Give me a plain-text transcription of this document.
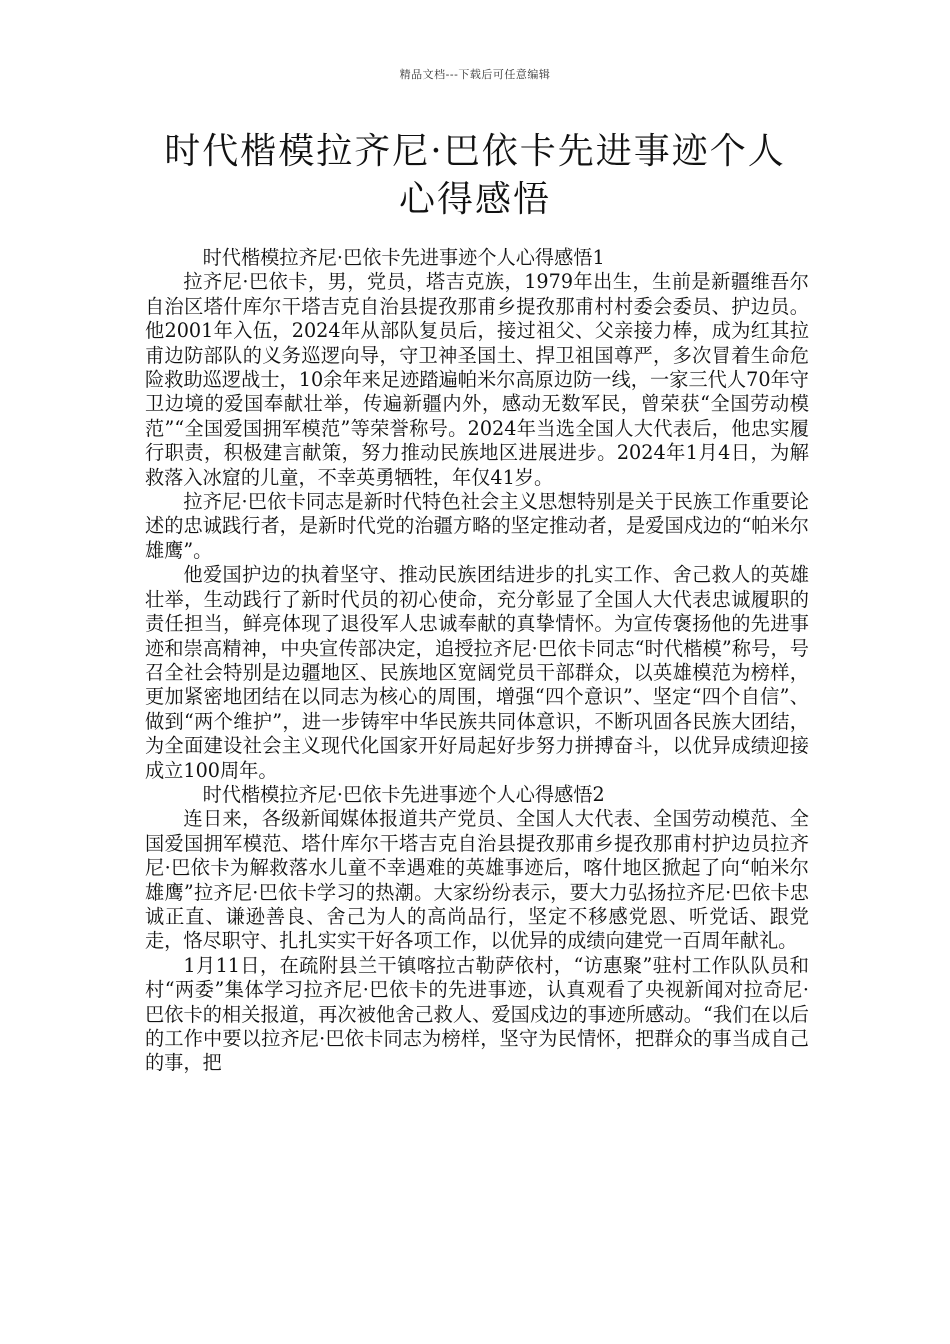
精品文档---下载后可任意编辑
时代楷模拉齐尼·巴依卡先进事迹个人心得感悟

时代楷模拉齐尼·巴依卡先进事迹个人心得感悟1

拉齐尼·巴依卡，男，党员，塔吉克族，1979年出生，生前是新疆维吾尔自治区塔什库尔干塔吉克自治县提孜那甫乡提孜那甫村村委会委员、护边员。他2001年入伍，2024年从部队复员后，接过祖父、父亲接力棒，成为红其拉甫边防部队的义务巡逻向导，守卫神圣国土、捍卫祖国尊严，多次冒着生命危险救助巡逻战士，10余年来足迹踏遍帕米尔高原边防一线，一家三代人70年守卫边境的爱国奉献壮举，传遍新疆内外，感动无数军民，曾荣获“全国劳动模范”“全国爱国拥军模范”等荣誉称号。2024年当选全国人大代表后，他忠实履行职责，积极建言献策，努力推动民族地区进展进步。2024年1月4日，为解救落入冰窟的儿童，不幸英勇牺牲，年仅41岁。

拉齐尼·巴依卡同志是新时代特色社会主义思想特别是关于民族工作重要论述的忠诚践行者，是新时代党的治疆方略的坚定推动者，是爱国戍边的“帕米尔雄鹰”。

他爱国护边的执着坚守、推动民族团结进步的扎实工作、舍己救人的英雄壮举，生动践行了新时代员的初心使命，充分彰显了全国人大代表忠诚履职的责任担当，鲜亮体现了退役军人忠诚奉献的真挚情怀。为宣传褒扬他的先进事迹和崇高精神，中央宣传部决定，追授拉齐尼·巴依卡同志“时代楷模”称号，号召全社会特别是边疆地区、民族地区宽阔党员干部群众，以英雄模范为榜样，更加紧密地团结在以同志为核心的周围，增强“四个意识”、坚定“四个自信”、做到“两个维护”，进一步铸牢中华民族共同体意识，不断巩固各民族大团结，为全面建设社会主义现代化国家开好局起好步努力拼搏奋斗，以优异成绩迎接成立100周年。

时代楷模拉齐尼·巴依卡先进事迹个人心得感悟2

连日来，各级新闻媒体报道共产党员、全国人大代表、全国劳动模范、全国爱国拥军模范、塔什库尔干塔吉克自治县提孜那甫乡提孜那甫村护边员拉齐尼·巴依卡为解救落水儿童不幸遇难的英雄事迹后，喀什地区掀起了向“帕米尔雄鹰”拉齐尼·巴依卡学习的热潮。大家纷纷表示，要大力弘扬拉齐尼·巴依卡忠诚正直、谦逊善良、舍己为人的高尚品行，坚定不移感党恩、听党话、跟党走，恪尽职守、扎扎实实干好各项工作，以优异的成绩向建党一百周年献礼。

1月11日，在疏附县兰干镇喀拉古勒萨依村，“访惠聚”驻村工作队队员和村“两委”集体学习拉齐尼·巴依卡的先进事迹，认真观看了央视新闻对拉奇尼·巴依卡的相关报道，再次被他舍己救人、爱国戍边的事迹所感动。“我们在以后的工作中要以拉齐尼·巴依卡同志为榜样，坚守为民情怀，把群众的事当成自己的事，把
